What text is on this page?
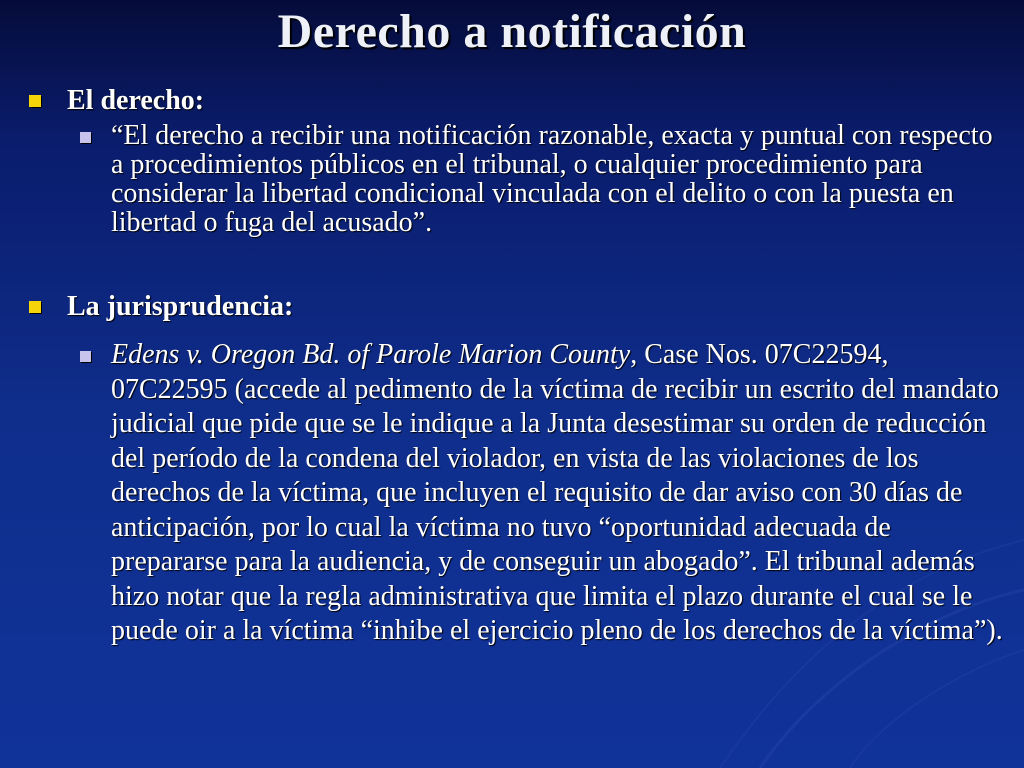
Derecho a notificación
El derecho:
“El derecho a recibir una notificación razonable, exacta y puntual con respecto a procedimientos públicos en el tribunal, o cualquier procedimiento para considerar la libertad condicional vinculada con el delito o con la puesta en libertad o fuga del acusado”.
La jurisprudencia:
Edens v. Oregon Bd. of Parole Marion County, Case Nos. 07C22594, 07C22595 (accede al pedimento de la víctima de recibir un escrito del mandato judicial que pide que se le indique a la Junta desestimar su orden de reducción del período de la condena del violador, en vista de las violaciones de los derechos de la víctima, que incluyen el requisito de dar aviso con 30 días de anticipación, por lo cual la víctima no tuvo “oportunidad adecuada de prepararse para la audiencia, y de conseguir un abogado”. El tribunal además hizo notar que la regla administrativa que limita el plazo durante el cual se le puede oir a la víctima “inhibe el ejercicio pleno de los derechos de la víctima”).
